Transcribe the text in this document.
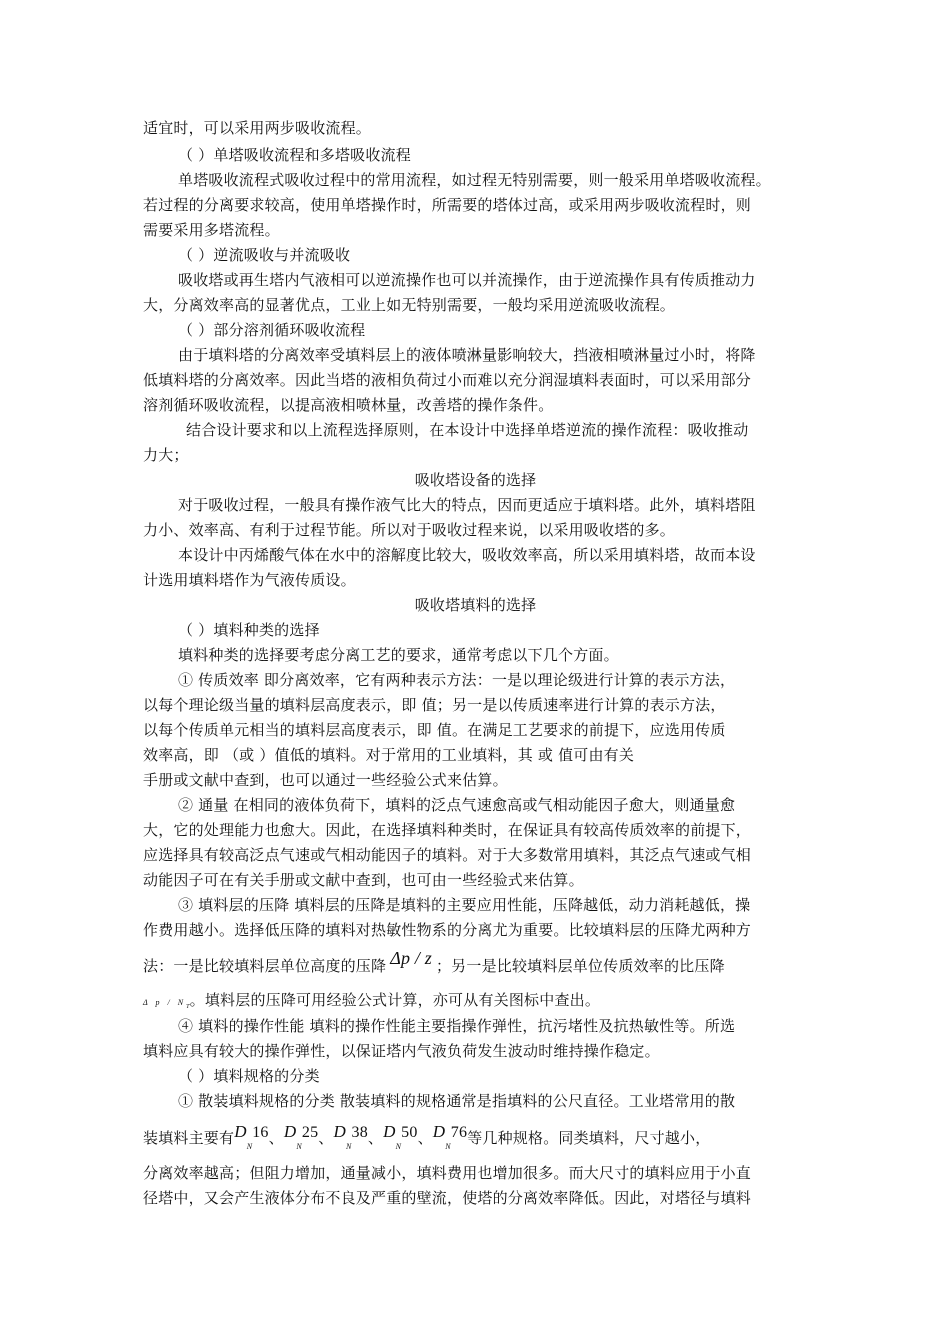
适宜时，可以采用两步吸收流程。
（ ）单塔吸收流程和多塔吸收流程
单塔吸收流程式吸收过程中的常用流程，如过程无特别需要，则一般采用单塔吸收流程。
若过程的分离要求较高，使用单塔操作时，所需要的塔体过高，或采用两步吸收流程时，则
需要采用多塔流程。
（ ）逆流吸收与并流吸收
吸收塔或再生塔内气液相可以逆流操作也可以并流操作，由于逆流操作具有传质推动力
大，分离效率高的显著优点，工业上如无特别需要，一般均采用逆流吸收流程。
（ ）部分溶剂循环吸收流程
由于填料塔的分离效率受填料层上的液体喷淋量影响较大，挡液相喷淋量过小时，将降
低填料塔的分离效率。因此当塔的液相负荷过小而难以充分润湿填料表面时，可以采用部分
溶剂循环吸收流程，以提高液相喷林量，改善塔的操作条件。
结合设计要求和以上流程选择原则，在本设计中选择单塔逆流的操作流程：吸收推动
力大；
吸收塔设备的选择
对于吸收过程，一般具有操作液气比大的特点，因而更适应于填料塔。此外，填料塔阻
力小、效率高、有利于过程节能。所以对于吸收过程来说，以采用吸收塔的多。
本设计中丙烯酸气体在水中的溶解度比较大，吸收效率高，所以采用填料塔，故而本设
计选用填料塔作为气液传质设。
吸收塔填料的选择
（ ）填料种类的选择
填料种类的选择要考虑分离工艺的要求，通常考虑以下几个方面。
① 传质效率 即分离效率，它有两种表示方法：一是以理论级进行计算的表示方法，
以每个理论级当量的填料层高度表示，即 值；另一是以传质速率进行计算的表示方法，
以每个传质单元相当的填料层高度表示，即 值。在满足工艺要求的前提下，应选用传质
效率高，即 （或 ）值低的填料。对于常用的工业填料，其 或 值可由有关
手册或文献中查到，也可以通过一些经验公式来估算。
② 通量 在相同的液体负荷下，填料的泛点气速愈高或气相动能因子愈大，则通量愈
大，它的处理能力也愈大。因此，在选择填料种类时，在保证具有较高传质效率的前提下，
应选择具有较高泛点气速或气相动能因子的填料。对于大多数常用填料，其泛点气速或气相
动能因子可在有关手册或文献中查到，也可由一些经验式来估算。
③ 填料层的压降 填料层的压降是填料的主要应用性能，压降越低，动力消耗越低，操
作费用越小。选择低压降的填料对热敏性物系的分离尤为重要。比较填料层的压降尤两种方
法：一是比较填料层单位高度的压降 Δp / z ；另一是比较填料层单位传质效率的比压降
Δ p / $N_T$。填料层的压降可用经验公式计算，亦可从有关图标中查出。
④ 填料的操作性能 填料的操作性能主要指操作弹性，抗污堵性及抗热敏性等。所选
填料应具有较大的操作弹性，以保证塔内气液负荷发生波动时维持操作稳定。
（ ）填料规格的分类
① 散装填料规格的分类 散装填料的规格通常是指填料的公尺直径。工业塔常用的散
装填料主要有$D_N16$、$D_N25$、$D_N38$、$D_N50$、$D_N76$等几种规格。同类填料，尺寸越小，
分离效率越高；但阻力增加，通量减小，填料费用也增加很多。而大尺寸的填料应用于小直
径塔中，又会产生液体分布不良及严重的壁流，使塔的分离效率降低。因此，对塔径与填料
